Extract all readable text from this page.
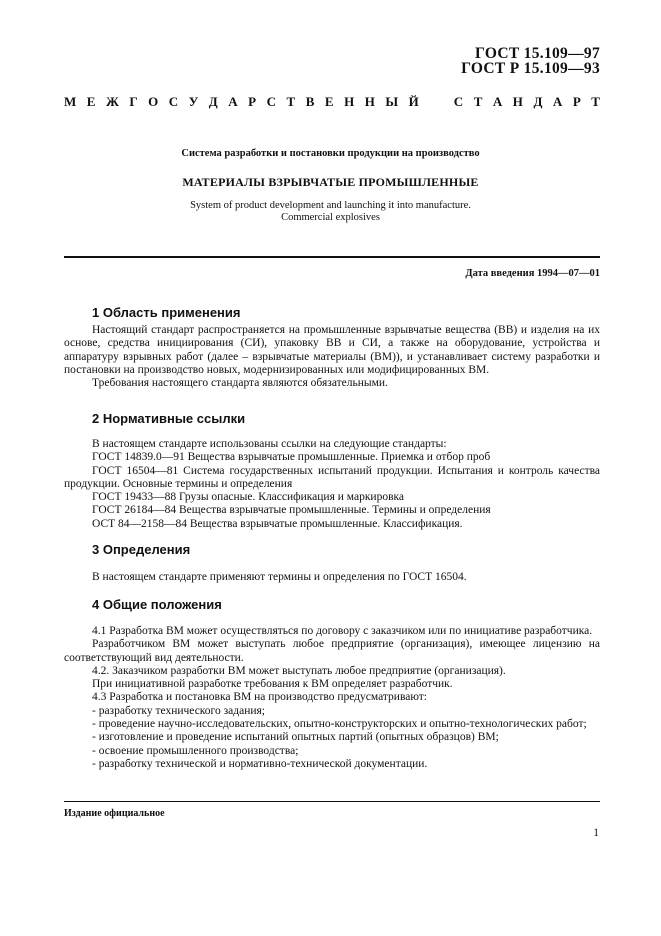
ГОСТ 15.109—97
ГОСТ Р 15.109—93
М Е Ж Г О С У Д А Р С Т В Е Н Н Ы Й	С Т А Н Д А Р Т
Система разработки и постановки продукции на производство
МАТЕРИАЛЫ ВЗРЫВЧАТЫЕ ПРОМЫШЛЕННЫЕ
System of product development and launching it into manufacture.
Commercial explosives
Дата введения 1994—07—01
1 Область применения
Настоящий стандарт распространяется на промышленные взрывчатые вещества (ВВ) и изделия на их основе, средства инициирования (СИ), упаковку ВВ и СИ, а также на оборудование, устройства и аппаратуру взрывных работ (далее – взрывчатые материалы (ВМ)), и устанавливает систему разработки и постановки на производство новых, модернизированных или модифицированных ВМ.
Требования настоящего стандарта являются обязательными.
2 Нормативные ссылки
В настоящем стандарте использованы ссылки на следующие стандарты:
ГОСТ 14839.0—91 Вещества взрывчатые промышленные. Приемка и отбор проб
ГОСТ 16504—81 Система государственных испытаний продукции. Испытания и контроль качества продукции. Основные термины и определения
ГОСТ 19433—88 Грузы опасные. Классификация и маркировка
ГОСТ 26184—84 Вещества взрывчатые промышленные. Термины и определения
ОСТ 84—2158—84 Вещества взрывчатые промышленные. Классификация.
3 Определения
В настоящем стандарте применяют термины и определения по ГОСТ 16504.
4 Общие положения
4.1 Разработка ВМ может осуществляться по договору с заказчиком или по инициативе разработчика.
Разработчиком ВМ может выступать любое предприятие (организация), имеющее лицензию на соответствующий вид деятельности.
4.2. Заказчиком разработки ВМ может выступать любое предприятие (организация).
При инициативной разработке требования к ВМ определяет разработчик.
4.3 Разработка и постановка ВМ на производство предусматривают:
- разработку технического задания;
- проведение научно-исследовательских, опытно-конструкторских и опытно-технологических работ;
- изготовление и проведение испытаний опытных партий (опытных образцов) ВМ;
- освоение промышленного производства;
- разработку технической и нормативно-технической документации.
Издание официальное
1
